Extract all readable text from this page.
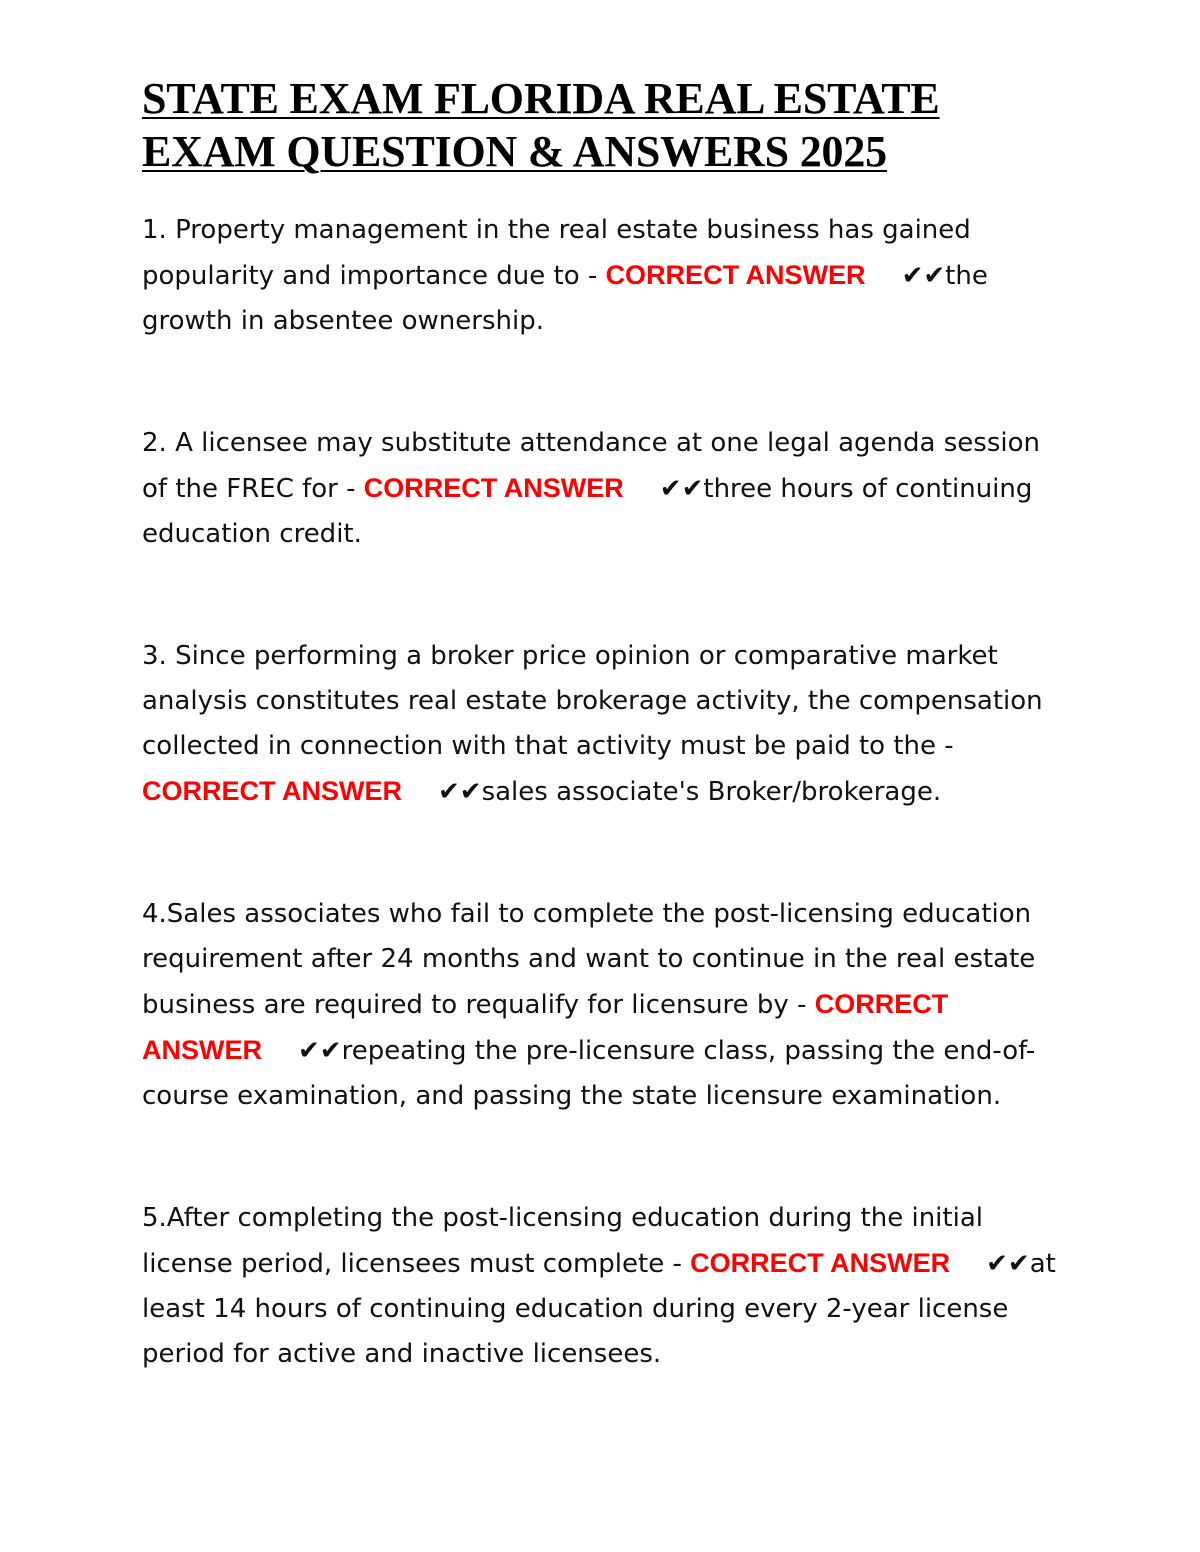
STATE EXAM FLORIDA REAL ESTATE EXAM QUESTION & ANSWERS 2025

1. Property management in the real estate business has gained popularity and importance due to - CORRECT ANSWER ✔✔the growth in absentee ownership.

2. A licensee may substitute attendance at one legal agenda session of the FREC for - CORRECT ANSWER ✔✔three hours of continuing education credit.

3. Since performing a broker price opinion or comparative market analysis constitutes real estate brokerage activity, the compensation collected in connection with that activity must be paid to the - CORRECT ANSWER ✔✔sales associate's Broker/brokerage.

4.Sales associates who fail to complete the post-licensing education requirement after 24 months and want to continue in the real estate business are required to requalify for licensure by - CORRECT ANSWER ✔✔repeating the pre-licensure class, passing the end-of-course examination, and passing the state licensure examination.

5.After completing the post-licensing education during the initial license period, licensees must complete - CORRECT ANSWER ✔✔at least 14 hours of continuing education during every 2-year license period for active and inactive licensees.
